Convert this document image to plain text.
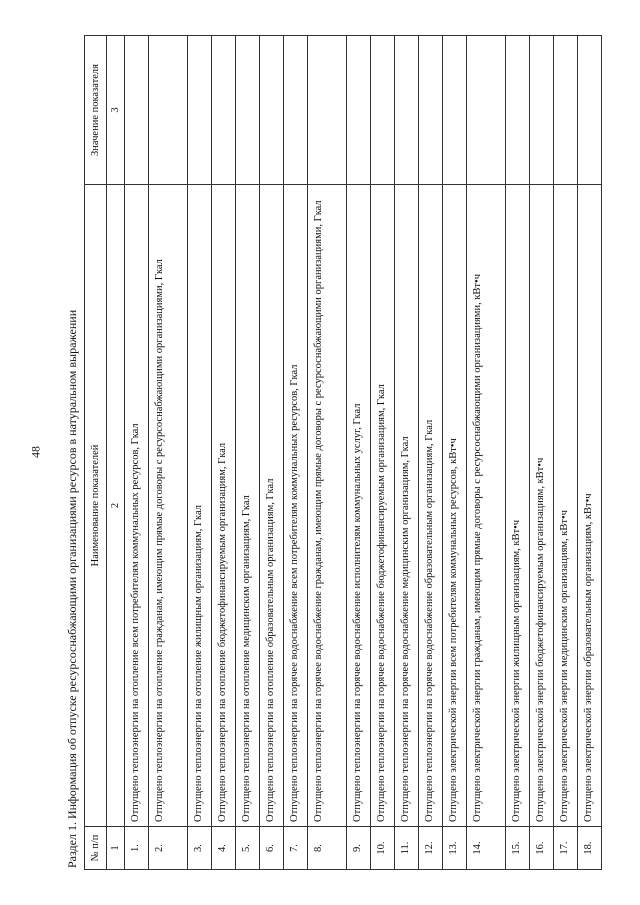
48 Раздел 1. Информация об отпуске ресурсоснабжающими организациями ресурсов в натуральном выражении № п/п	Наименование показателей	Значение показателя
1	2	3
1.	Отпущено теплоэнергии на отопление всем потребителям коммунальных ресурсов, Гкал	
2.	Отпущено теплоэнергии на отопление гражданам, имеющим прямые договоры с ресурсоснабжающими организациями, Гкал	
3.	Отпущено теплоэнергии на отопление жилищным организациям, Гкал	
4.	Отпущено теплоэнергии на отопление бюджетофинансируемым организациям, Гкал	
5.	Отпущено теплоэнергии на отопление медицинским организациям, Гкал	
6.	Отпущено теплоэнергии на отопление образовательным организациям, Гкал	
7.	Отпущено теплоэнергии на горячее водоснабжение всем потребителям коммунальных ресурсов, Гкал	
8.	Отпущено теплоэнергии на горячее водоснабжение гражданам, имеющим прямые договоры с ресурсоснабжающими организациями, Гкал	
9.	Отпущено теплоэнергии на горячее водоснабжение исполнителям коммунальных услуг, Гкал	
10.	Отпущено теплоэнергии на горячее водоснабжение бюджетофинансируемым организациям, Гкал	
11.	Отпущено теплоэнергии на горячее водоснабжение медицинским организациям, Гкал	
12.	Отпущено теплоэнергии на горячее водоснабжение образовательным организациям, Гкал	
13.	Отпущено электрической энергии всем потребителям коммунальных ресурсов, кВт•ч	
14.	Отпущено электрической энергии гражданам, имеющим прямые договоры с ресурсоснабжающими организациями, кВт•ч	
15.	Отпущено электрической энергии жилищным организациям, кВт•ч	
16.	Отпущено электрической энергии бюджетофинансируемым организациям, кВт•ч	
17.	Отпущено электрической энергии медицинским организациям, кВт•ч	
18.	Отпущено электрической энергии образовательным организациям, кВт•ч	
